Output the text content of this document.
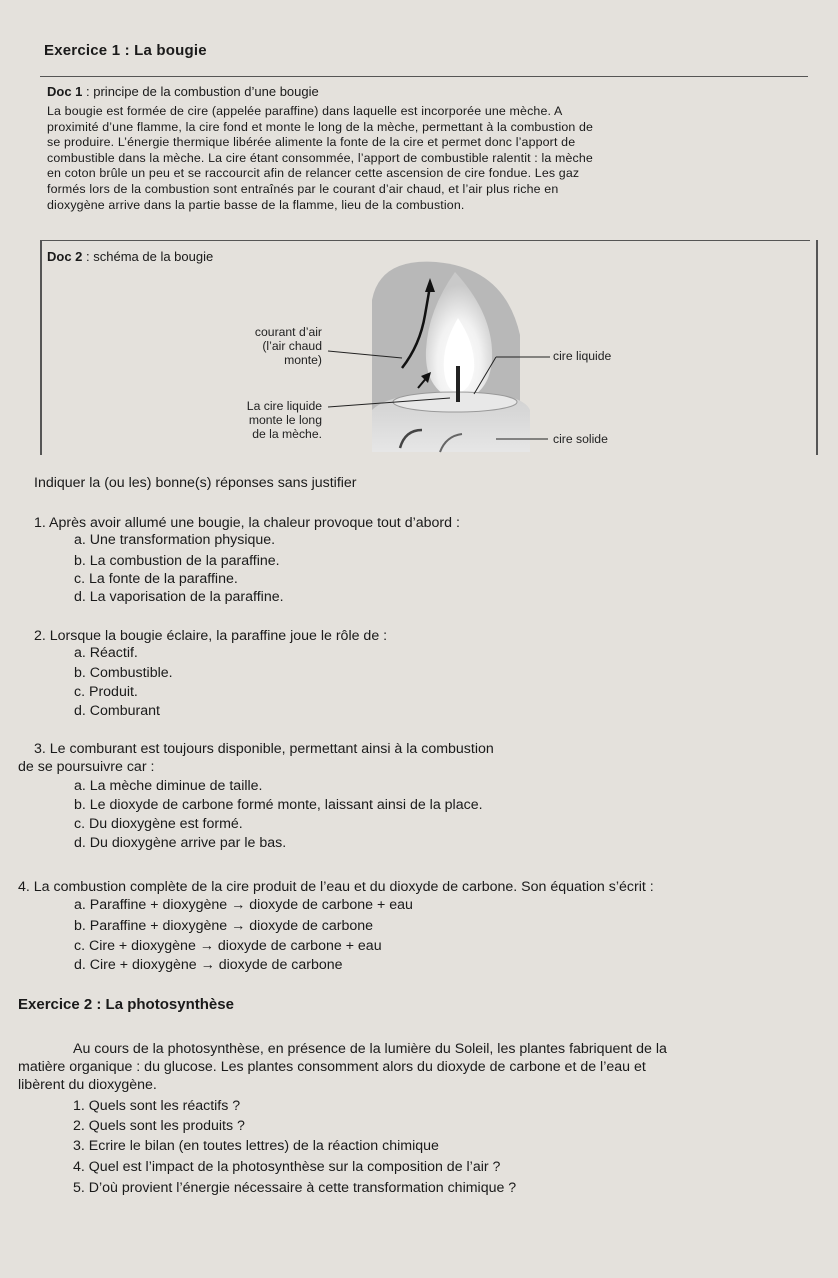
Exercice 1 : La bougie
Doc 1 : principe de la combustion d’une bougie
La bougie est formée de cire (appelée paraffine) dans laquelle est incorporée une mèche. A
proximité d’une flamme, la cire fond et monte le long de la mèche, permettant à la combustion de
se produire. L’énergie thermique libérée alimente la fonte de la cire et permet donc l’apport de
combustible dans la mèche. La cire étant consommée, l’apport de combustible ralentit : la mèche
en coton brûle un peu et se raccourcit afin de relancer cette ascension de cire fondue. Les gaz
formés lors de la combustion sont entraînés par le courant d’air chaud, et l’air plus riche en
dioxygène arrive dans la partie basse de la flamme, lieu de la combustion.
Doc 2 : schéma de la bougie
courant d’air
(l’air chaud
monte)
La cire liquide
monte le long
de la mèche.
cire liquide
cire solide
Indiquer la (ou les) bonne(s) réponses sans justifier
1. Après avoir allumé une bougie, la chaleur provoque tout d’abord :
a. Une transformation physique.
b. La combustion de la paraffine.
c. La fonte de la paraffine.
d. La vaporisation de la paraffine.
2. Lorsque la bougie éclaire, la paraffine joue le rôle de :
a. Réactif.
b. Combustible.
c. Produit.
d. Comburant
3. Le comburant est toujours disponible, permettant ainsi à la combustion
de se poursuivre car :
a. La mèche diminue de taille.
b. Le dioxyde de carbone formé monte, laissant ainsi de la place.
c. Du dioxygène est formé.
d. Du dioxygène arrive par le bas.
4. La combustion complète de la cire produit de l’eau et du dioxyde de carbone. Son équation s’écrit :
a. Paraffine + dioxygène → dioxyde de carbone + eau
b. Paraffine + dioxygène → dioxyde de carbone
c. Cire + dioxygène → dioxyde de carbone + eau
d. Cire + dioxygène → dioxyde de carbone
Exercice 2 : La photosynthèse
Au cours de la photosynthèse, en présence de la lumière du Soleil, les plantes fabriquent de la
matière organique : du glucose. Les plantes consomment alors du dioxyde de carbone et de l’eau et
libèrent du dioxygène.
1. Quels sont les réactifs ?
2. Quels sont les produits ?
3. Ecrire le bilan (en toutes lettres) de la réaction chimique
4. Quel est l’impact de la photosynthèse sur la composition de l’air ?
5. D’où provient l’énergie nécessaire à cette transformation chimique ?
